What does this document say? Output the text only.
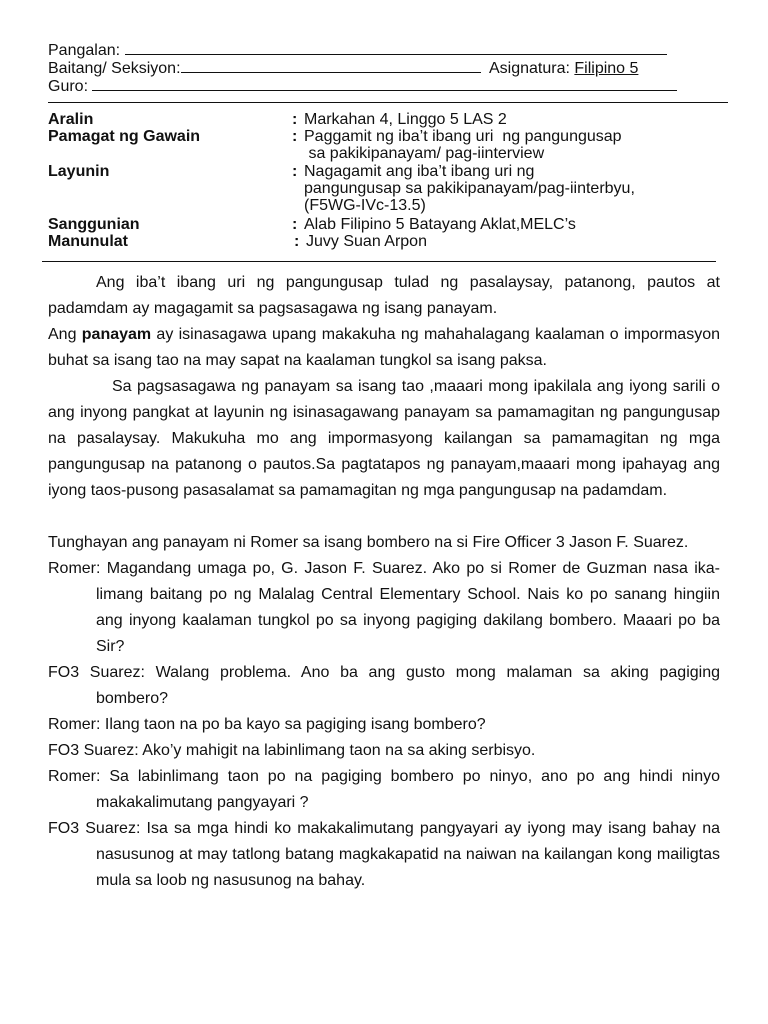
Pangalan:
Baitang/ Seksiyon:	Asignatura: Filipino 5
Guro:
Aralin	: Markahan 4, Linggo 5 LAS 2
Pamagat ng Gawain	: Paggamit ng iba’t ibang uri  ng pangungusap
sa pakikipanayam/ pag-iinterview
Layunin	: Nagagamit ang iba’t ibang uri ng
pangungusap sa pakikipanayam/pag-iinterbyu,
(F5WG-IVc-13.5)
Sanggunian	: Alab Filipino 5 Batayang Aklat,MELC’s
Manunulat	: Juvy Suan Arpon

Ang iba’t ibang uri ng pangungusap tulad ng pasalaysay, patanong, pautos at padamdam ay magagamit sa pagsasagawa ng isang panayam.

Ang panayam ay isinasagawa upang makakuha ng mahahalagang kaalaman o impormasyon buhat sa isang tao na may sapat na kaalaman tungkol sa isang paksa.

Sa pagsasagawa ng panayam sa isang tao ,maaari mong ipakilala ang iyong sarili o ang inyong pangkat at layunin ng isinasagawang panayam sa pamamagitan ng pangungusap na pasalaysay. Makukuha mo ang impormasyong kailangan sa pamamagitan ng mga pangungusap na patanong o pautos.Sa pagtatapos ng panayam,maaari mong ipahayag ang iyong taos-pusong pasasalamat sa pamamagitan ng mga pangungusap na padamdam.

Tunghayan ang panayam ni Romer sa isang bombero na si Fire Officer 3 Jason F. Suarez.

Romer: Magandang umaga po, G. Jason F. Suarez. Ako po si Romer de Guzman nasa ika-limang baitang po ng Malalag Central Elementary School. Nais ko po sanang hingiin ang inyong kaalaman tungkol po sa inyong pagiging dakilang bombero. Maaari po ba Sir?

FO3 Suarez: Walang problema. Ano ba ang gusto mong malaman sa aking pagiging bombero?

Romer: Ilang taon na po ba kayo sa pagiging isang bombero?

FO3 Suarez: Ako’y mahigit na labinlimang taon na sa aking serbisyo.

Romer: Sa labinlimang taon po na pagiging bombero po ninyo, ano po ang hindi ninyo makakalimutang pangyayari ?

FO3 Suarez: Isa sa mga hindi ko makakalimutang pangyayari ay iyong may isang bahay na nasusunog at may tatlong batang magkakapatid na naiwan na kailangan kong mailigtas mula sa loob ng nasusunog na bahay.
